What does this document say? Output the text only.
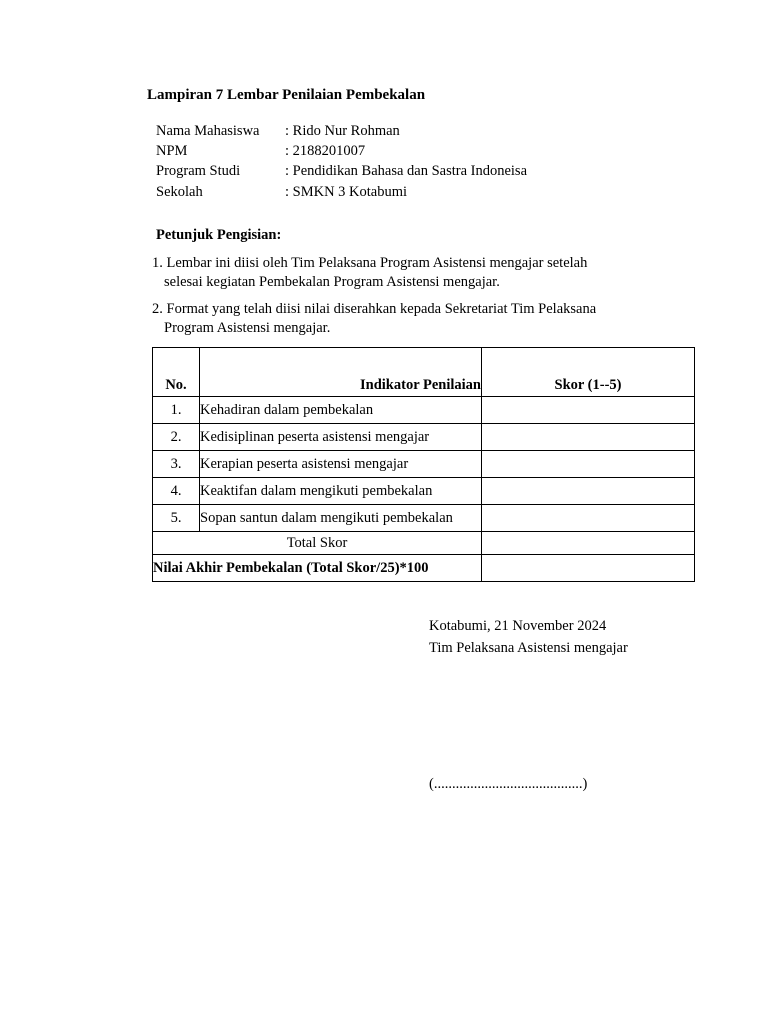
Lampiran 7 Lembar Penilaian Pembekalan
Nama Mahasiswa : Rido Nur Rohman
NPM	: 2188201007
Program Studi	: Pendidikan Bahasa dan Sastra Indoneisa
Sekolah	: SMKN 3 Kotabumi
Petunjuk Pengisian:
1. Lembar ini diisi oleh Tim Pelaksana Program Asistensi mengajar setelah
selesai kegiatan Pembekalan Program Asistensi mengajar.
2. Format yang telah diisi nilai diserahkan kepada Sekretariat Tim Pelaksana
Program Asistensi mengajar.
No.	Indikator Penilaian	Skor (1--5)
1.	Kehadiran dalam pembekalan	
2.	Kedisiplinan peserta asistensi mengajar	
3.	Kerapian peserta asistensi mengajar	
4.	Keaktifan dalam mengikuti pembekalan	
5.	Sopan santun dalam mengikuti pembekalan	
Total Skor		
Nilai Akhir Pembekalan (Total Skor/25)*100		
Kotabumi, 21 November 2024
Tim Pelaksana Asistensi mengajar
(.........................................)
